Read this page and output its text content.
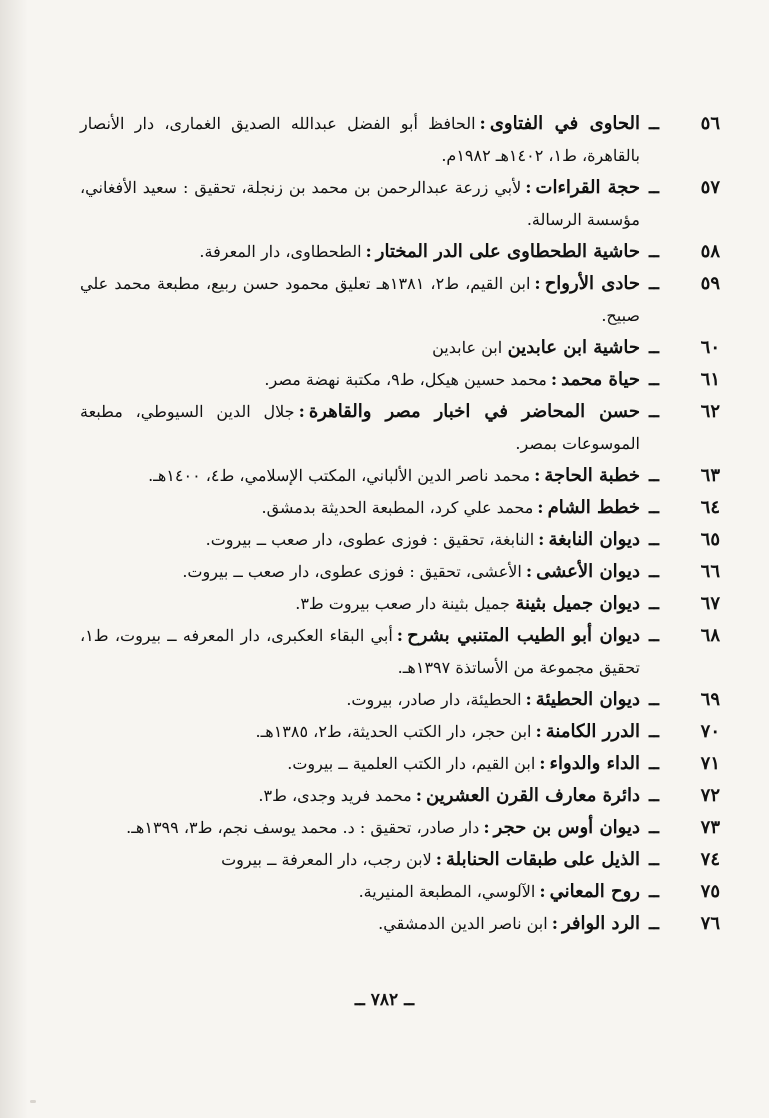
٥٦
ــ
الحاوى في الفتاوى:الحافظ أبو الفضل عبدالله الصديق الغمارى، دار الأنصار بالقاهرة، ط١، ١٤٠٢هـ ١٩٨٢م.
٥٧
ــ
حجة القراءات:لأبي زرعة عبدالرحمن بن محمد بن زنجلة، تحقيق : سعيد الأفغاني، مؤسسة الرسالة.
٥٨
ــ
حاشية الطحطاوى على الدر المختار:الطحطاوى، دار المعرفة.
٥٩
ــ
حادى الأرواح:ابن القيم، ط٢، ١٣٨١هـ تعليق محمود حسن ربيع، مطبعة محمد علي صبيح.
٦٠
ــ
حاشية ابن عابدين ابن عابدين
٦١
ــ
حياة محمد:محمد حسين هيكل، ط٩، مكتبة نهضة مصر.
٦٢
ــ
حسن المحاضر في اخبار مصر والقاهرة:جلال الدين السيوطي، مطبعة الموسوعات بمصر.
٦٣
ــ
خطبة الحاجة:محمد ناصر الدين الألباني، المكتب الإسلامي، ط٤، ١٤٠٠هـ.
٦٤
ــ
خطط الشام:محمد علي كرد، المطبعة الحديثة بدمشق.
٦٥
ــ
ديوان النابغة:النابغة، تحقيق : فوزى عطوى، دار صعب ــ بيروت.
٦٦
ــ
ديوان الأعشى:الأعشى، تحقيق : فوزى عطوى، دار صعب ــ بيروت.
٦٧
ــ
ديوان جميل بثينة جميل بثينة دار صعب بيروت ط٣.
٦٨
ــ
ديوان أبو الطيب المتنبي بشرح:أبي البقاء العكبرى، دار المعرفه ــ بيروت، ط١، تحقيق مجموعة من الأساتذة ١٣٩٧هـ.
٦٩
ــ
ديوان الحطيئة:الحطيئة، دار صادر، بيروت.
٧٠
ــ
الدرر الكامنة:ابن حجر، دار الكتب الحديثة، ط٢، ١٣٨٥هـ.
٧١
ــ
الداء والدواء:ابن القيم، دار الكتب العلمية ــ بيروت.
٧٢
ــ
دائرة معارف القرن العشرين:محمد فريد وجدى، ط٣.
٧٣
ــ
ديوان أوس بن حجر:دار صادر، تحقيق : د. محمد يوسف نجم، ط٣، ١٣٩٩هـ.
٧٤
ــ
الذيل على طبقات الحنابلة:لابن رجب، دار المعرفة ــ بيروت
٧٥
ــ
روح المعاني:الآلوسي، المطبعة المنيرية.
٧٦
ــ
الرد الوافر:ابن ناصر الدين الدمشقي.
ــ ٧٨٢ ــ
